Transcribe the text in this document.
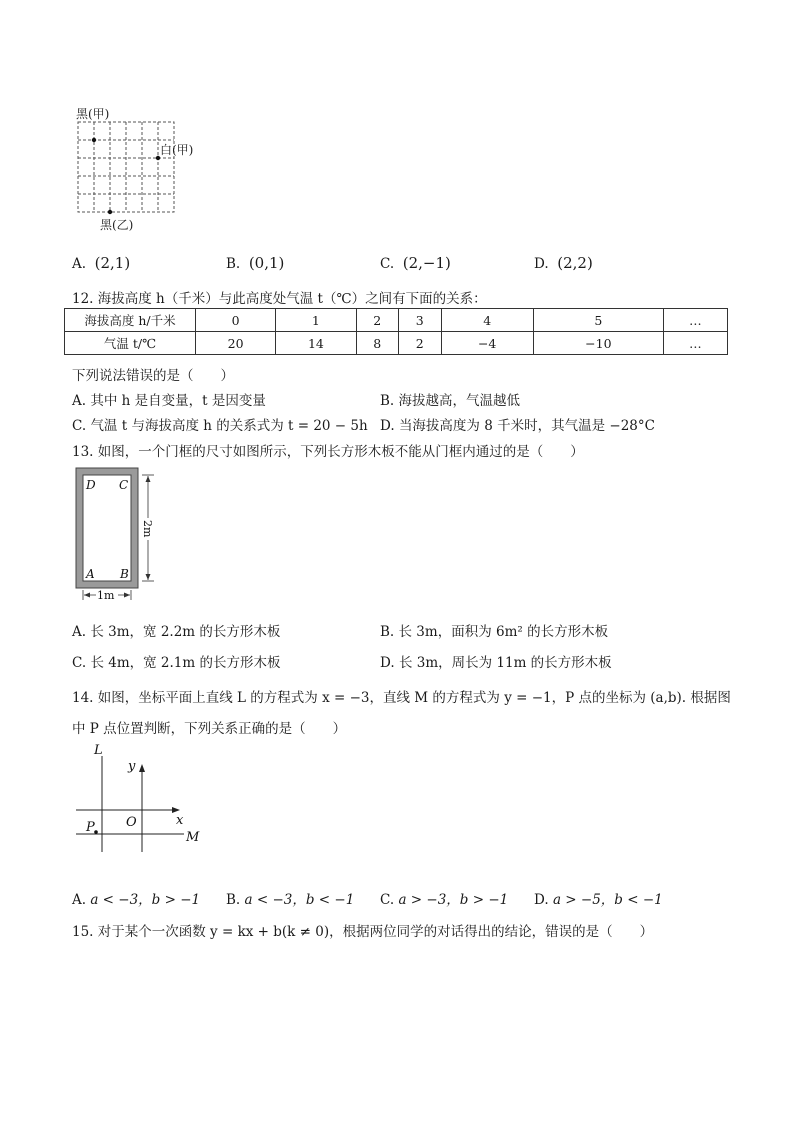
黑(甲)
白(甲)
黑(乙)
A. (2,1)	B. (0,1)	C. (2,−1)	D. (2,2)
12. 海拔高度 h（千米）与此高度处气温 t（℃）之间有下面的关系：
海拔高度 h/千米	0	1	2	3	4	5	…
气温 t/℃	20	14	8	2	−4	−10	…
下列说法错误的是（　　）
A. 其中 h 是自变量，t 是因变量	B. 海拔越高，气温越低
C. 气温 t 与海拔高度 h 的关系式为 t = 20 − 5h D. 当海拔高度为 8 千米时，其气温是 −28°C
13. 如图，一个门框的尺寸如图所示，下列长方形木板不能从门框内通过的是（　　）
D C
A B
2m
1m
A. 长 3m，宽 2.2m 的长方形木板	B. 长 3m，面积为 6m² 的长方形木板
C. 长 4m，宽 2.1m 的长方形木板	D. 长 3m，周长为 11m 的长方形木板
14. 如图，坐标平面上直线 L 的方程式为 x = −3，直线 M 的方程式为 y = −1，P 点的坐标为 (a,b). 根据图
中 P 点位置判断，下列关系正确的是（　　）
L
y
x
O
P
M
A. a < −3，b > −1 B. a < −3，b < −1 C. a > −3，b > −1 D. a > −5，b < −1
15. 对于某个一次函数 y = kx + b(k ≠ 0)，根据两位同学的对话得出的结论，错误的是（　　）
